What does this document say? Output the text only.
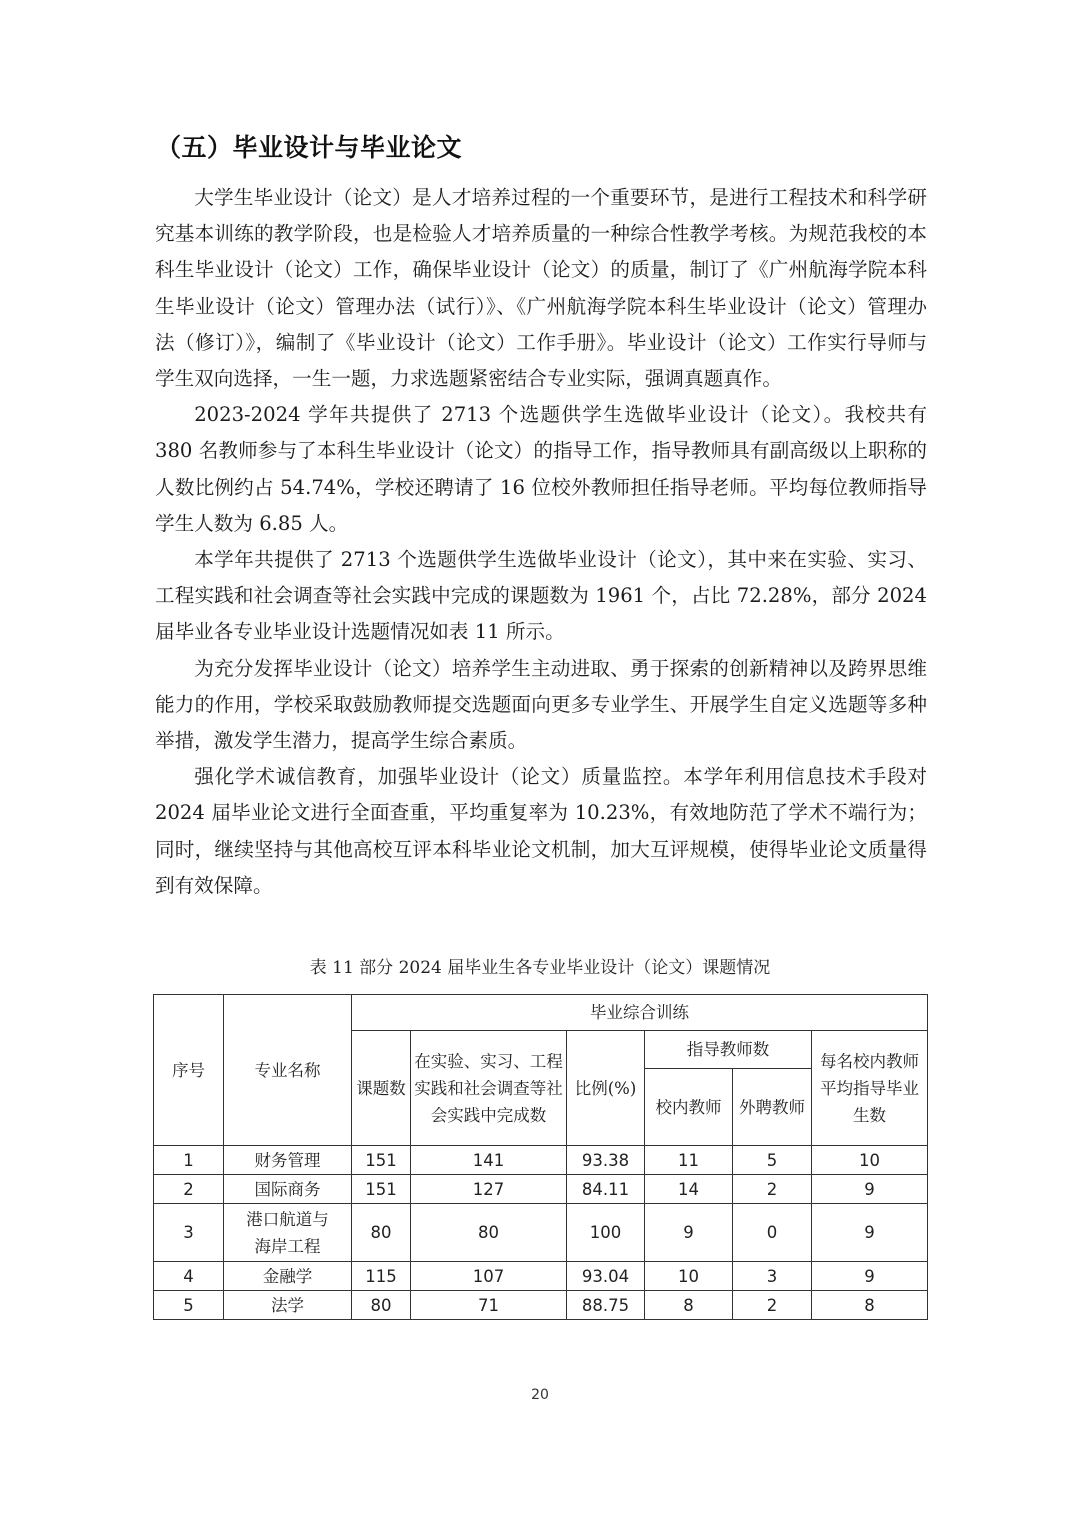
（五）毕业设计与毕业论文

大学生毕业设计（论文）是人才培养过程的一个重要环节，是进行工程技术和科学研究基本训练的教学阶段，也是检验人才培养质量的一种综合性教学考核。为规范我校的本科生毕业设计（论文）工作，确保毕业设计（论文）的质量，制订了《广州航海学院本科生毕业设计（论文）管理办法（试行）》、《广州航海学院本科生毕业设计（论文）管理办法（修订）》，编制了《毕业设计（论文）工作手册》。毕业设计（论文）工作实行导师与学生双向选择，一生一题，力求选题紧密结合专业实际，强调真题真作。

2023-2024 学年共提供了 2713 个选题供学生选做毕业设计（论文）。我校共有 380 名教师参与了本科生毕业设计（论文）的指导工作，指导教师具有副高级以上职称的人数比例约占 54.74%，学校还聘请了 16 位校外教师担任指导老师。平均每位教师指导学生人数为 6.85 人。

本学年共提供了 2713 个选题供学生选做毕业设计（论文），其中来在实验、实习、工程实践和社会调查等社会实践中完成的课题数为 1961 个，占比 72.28%，部分 2024 届毕业各专业毕业设计选题情况如表 11 所示。

为充分发挥毕业设计（论文）培养学生主动进取、勇于探索的创新精神以及跨界思维能力的作用，学校采取鼓励教师提交选题面向更多专业学生、开展学生自定义选题等多种举措，激发学生潜力，提高学生综合素质。

强化学术诚信教育，加强毕业设计（论文）质量监控。本学年利用信息技术手段对 2024 届毕业论文进行全面查重，平均重复率为 10.23%，有效地防范了学术不端行为；同时，继续坚持与其他高校互评本科毕业论文机制，加大互评规模，使得毕业论文质量得到有效保障。

表 11 部分 2024 届毕业生各专业毕业设计（论文）课题情况
序号	专业名称	毕业综合训练					
		课题数	在实验、实习、工程实践和社会调查等社会实践中完成数	比例(%)	指导教师数		每名校内教师平均指导毕业生数
					校内教师	外聘教师	
1	财务管理	151	141	93.38	11	5	10
2	国际商务	151	127	84.11	14	2	9
3	港口航道与海岸工程	80	80	100	9	0	9
4	金融学	115	107	93.04	10	3	9
5	法学	80	71	88.75	8	2	8
20
